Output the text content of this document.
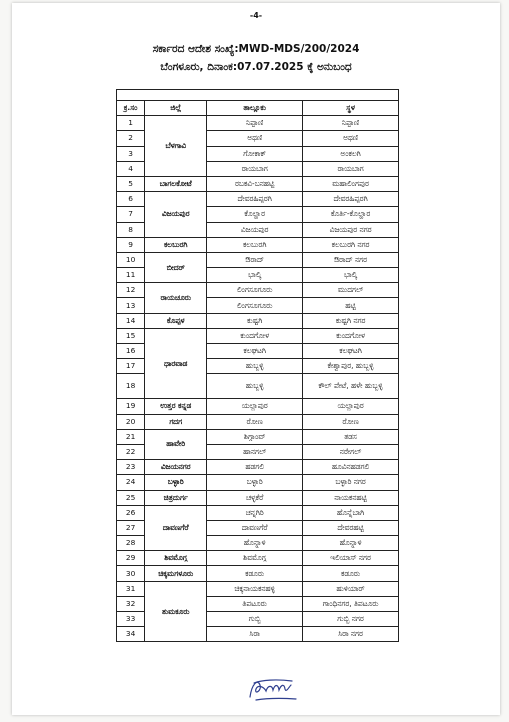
-4-
ಸರ್ಕಾರದ ಆದೇಶ ಸಂಖ್ಯೆ:MWD-MDS/200/2024
ಬೆಂಗಳೂರು, ದಿನಾಂಕ:07.07.2025 ಕ್ಕೆ ಅನುಬಂಧ

ಕ್ರ.ಸಂ	ಜಿಲ್ಲೆ	ತಾಲ್ಲೂಕು	ಸ್ಥಳ
1	ಬೆಳಗಾವಿ	ನಿಪ್ಪಾಣಿ	ನಿಪ್ಪಾಣಿ
2		ಅಥಣಿ	ಅಥಣಿ
3		ಗೋಕಾಕ್	ಅಂಕಲಗಿ
4		ರಾಯಬಾಗ	ರಾಯಬಾಗ
5	ಬಾಗಲಕೋಟೆ	ರಬಕವಿ-ಬನಹಟ್ಟಿ	ಮಹಾಲಿಂಗಪುರ
6	ವಿಜಯಪುರ	ದೇವರಹಿಪ್ಪರಗಿ	ದೇವರಹಿಪ್ಪರಗಿ
7		ಕೊಲ್ಹಾರ	ಕೊರ್ತಿ-ಕೊಲ್ಹಾರ
8		ವಿಜಯಪುರ	ವಿಜಯಪುರ ನಗರ
9	ಕಲಬುರಗಿ	ಕಲಬುರಗಿ	ಕಲಬುರಗಿ ನಗರ
10	ಬೀದರ್	ಔರಾದ್	ಔರಾದ್ ನಗರ
11		ಭಾಲ್ಕಿ	ಭಾಲ್ಕಿ
12	ರಾಯಚೂರು	ಲಿಂಗಸೂಗೂರು	ಮುದಗಲ್
13		ಲಿಂಗಸೂಗೂರು	ಹಟ್ಟಿ
14	ಕೊಪ್ಪಳ	ಕುಷ್ಟಗಿ	ಕುಷ್ಟಗಿ ನಗರ
15	ಧಾರವಾಡ	ಕುಂದಗೋಳ	ಕುಂದಗೋಳ
16		ಕಲಘಟಗಿ	ಕಲಘಟಗಿ
17		ಹುಬ್ಬಳ್ಳಿ	ಕೇಶ್ವಾಪುರ, ಹುಬ್ಬಳ್ಳಿ
18		ಹುಬ್ಬಳ್ಳಿ	ಕೌಲ್ ಪೇಟೆ, ಹಳೇ ಹುಬ್ಬಳ್ಳಿ
19	ಉತ್ತರ ಕನ್ನಡ	ಯಲ್ಲಾಪುರ	ಯಲ್ಲಾಪುರ
20	ಗದಗ	ರೋಣ	ರೋಣ
21	ಹಾವೇರಿ	ಶಿಗ್ಗಾಂವ್	ತಡಸ
22		ಹಾನಗಲ್	ನರೇಗಲ್
23	ವಿಜಯನಗರ	ಹಡಗಲಿ	ಹೂವಿನಹಡಗಲಿ
24	ಬಳ್ಳಾರಿ	ಬಳ್ಳಾರಿ	ಬಳ್ಳಾರಿ ನಗರ
25	ಚಿತ್ರದುರ್ಗ	ಚಳ್ಳಕೆರೆ	ನಾಯಕನಹಟ್ಟಿ
26	ದಾವಣಗೆರೆ	ಚನ್ನಗಿರಿ	ಹೊನ್ನೆಬಾಗಿ
27		ದಾವಣಗೆರೆ	ದೇವರಹಟ್ಟಿ
28		ಹೊನ್ನಾಳಿ	ಹೊನ್ನಾಳಿ
29	ಶಿವಮೊಗ್ಗ	ಶಿವಮೊಗ್ಗ	ಇಲಿಯಾಸ್ ನಗರ
30	ಚಿಕ್ಕಮಗಳೂರು	ಕಡೂರು	ಕಡೂರು
31	ತುಮಕೂರು	ಚಿಕ್ಕನಾಯಕನಹಳ್ಳಿ	ಹುಳಿಯಾರ್
32		ತಿಪಟೂರು	ಗಾಂಧಿನಗರ, ತಿಪಟೂರು
33		ಗುಬ್ಬಿ	ಗುಬ್ಬಿ ನಗರ
34		ಸಿರಾ	ಸಿರಾ ನಗರ
